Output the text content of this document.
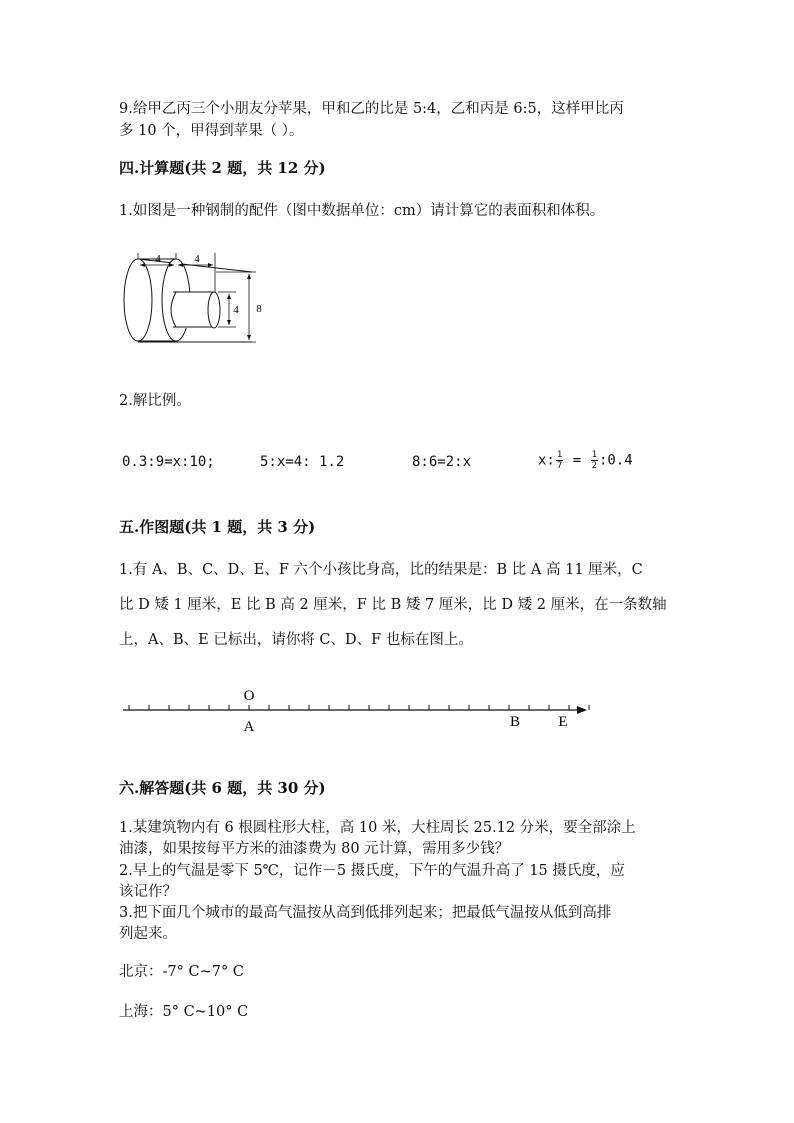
9.给甲乙丙三个小朋友分苹果，甲和乙的比是 5:4，乙和丙是 6:5，这样甲比丙
多 10 个，甲得到苹果（ ）。
四.计算题(共 2 题，共 12 分)
1.如图是一种钢制的配件（图中数据单位：cm）请计算它的表面积和体积。
4	4
4 8
2.解比例。
0.3:9=x:10;	5:x=4: 1.2	8:6=2:x	x: $\frac{1}{7} = \frac{1}{2}$ :0.4
五.作图题(共 1 题，共 3 分)
1.有 A、B、C、D、E、F 六个小孩比身高，比的结果是：B 比 A 高 11 厘米，C
比 D 矮 1 厘米，E 比 B 高 2 厘米，F 比 B 矮 7 厘米，比 D 矮 2 厘米，在一条数轴
上，A、B、E 已标出，请你将 C、D、F 也标在图上。
O
A	B	E
六.解答题(共 6 题，共 30 分)
1.某建筑物内有 6 根圆柱形大柱，高 10 米，大柱周长 25.12 分米，要全部涂上
油漆，如果按每平方米的油漆费为 80 元计算，需用多少钱？
2.早上的气温是零下 5℃，记作－5 摄氏度，下午的气温升高了 15 摄氏度，应
该记作？
3.把下面几个城市的最高气温按从高到低排列起来；把最低气温按从低到高排
列起来。
北京：-7° C~7° C
上海：5° C~10° C
